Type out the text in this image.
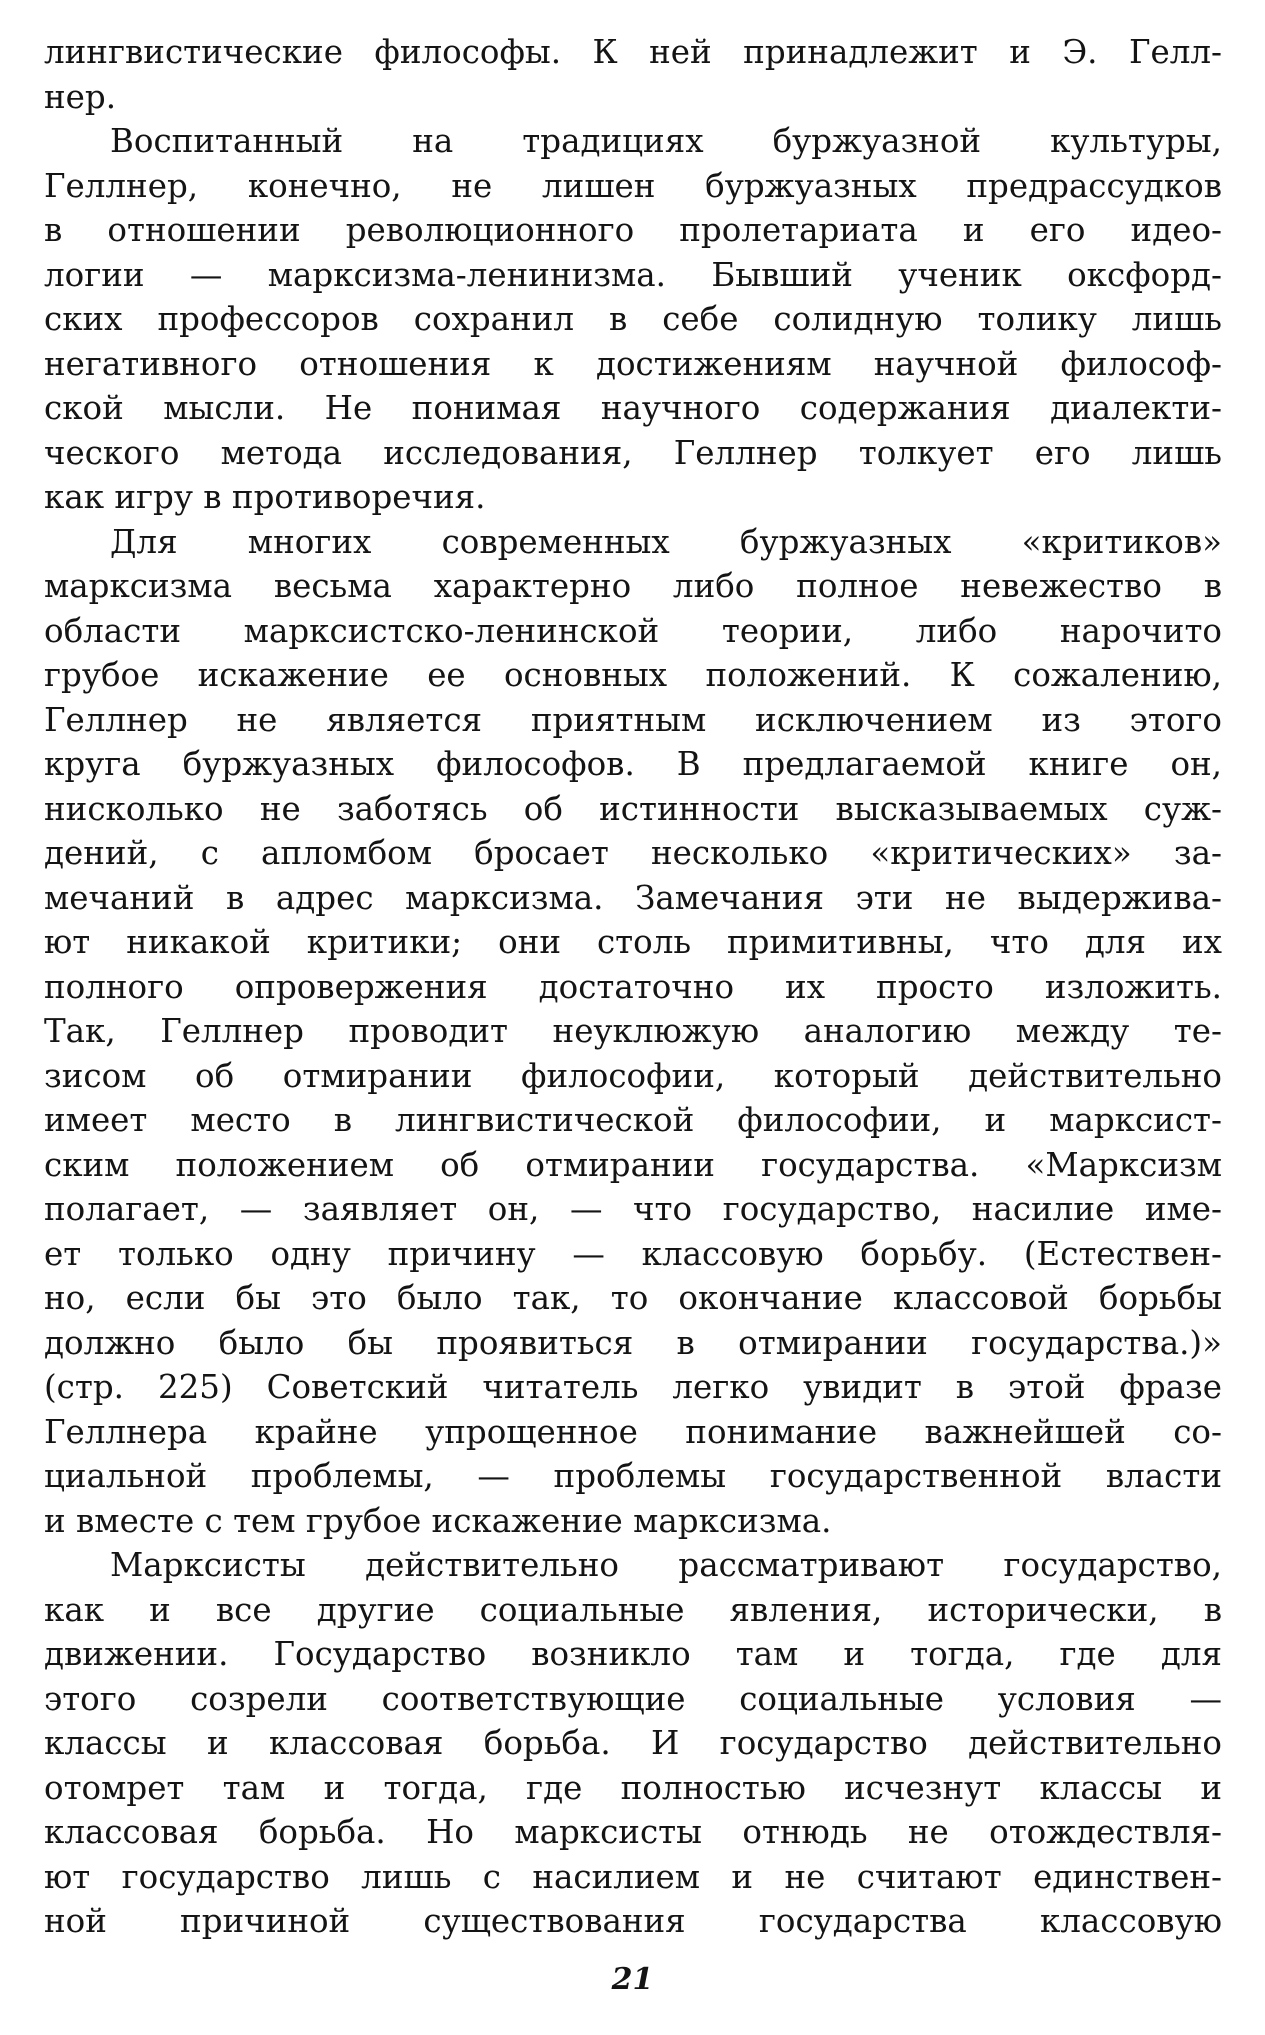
лингвистические философы. К ней принадлежит и Э. Гелл-
нер.
Воспитанный на традициях буржуазной культуры,
Геллнер, конечно, не лишен буржуазных предрассудков
в отношении революционного пролетариата и его идео-
логии — марксизма-ленинизма. Бывший ученик оксфорд-
ских профессоров сохранил в себе солидную толику лишь
негативного отношения к достижениям научной философ-
ской мысли. Не понимая научного содержания диалекти-
ческого метода исследования, Геллнер толкует его лишь
как игру в противоречия.
Для многих современных буржуазных «критиков»
марксизма весьма характерно либо полное невежество в
области марксистско-ленинской теории, либо нарочито
грубое искажение ее основных положений. К сожалению,
Геллнер не является приятным исключением из этого
круга буржуазных философов. В предлагаемой книге он,
нисколько не заботясь об истинности высказываемых суж-
дений, с апломбом бросает несколько «критических» за-
мечаний в адрес марксизма. Замечания эти не выдержива-
ют никакой критики; они столь примитивны, что для их
полного опровержения достаточно их просто изложить.
Так, Геллнер проводит неуклюжую аналогию между те-
зисом об отмирании философии, который действительно
имеет место в лингвистической философии, и марксист-
ским положением об отмирании государства. «Марксизм
полагает, — заявляет он, — что государство, насилие име-
ет только одну причину — классовую борьбу. (Естествен-
но, если бы это было так, то окончание классовой борьбы
должно было бы проявиться в отмирании государства.)»
(стр. 225) Советский читатель легко увидит в этой фразе
Геллнера крайне упрощенное понимание важнейшей со-
циальной проблемы, — проблемы государственной власти
и вместе с тем грубое искажение марксизма.
Марксисты действительно рассматривают государство,
как и все другие социальные явления, исторически, в
движении. Государство возникло там и тогда, где для
этого созрели соответствующие социальные условия —
классы и классовая борьба. И государство действительно
отомрет там и тогда, где полностью исчезнут классы и
классовая борьба. Но марксисты отнюдь не отождествля-
ют государство лишь с насилием и не считают единствен-
ной причиной существования государства классовую
21
